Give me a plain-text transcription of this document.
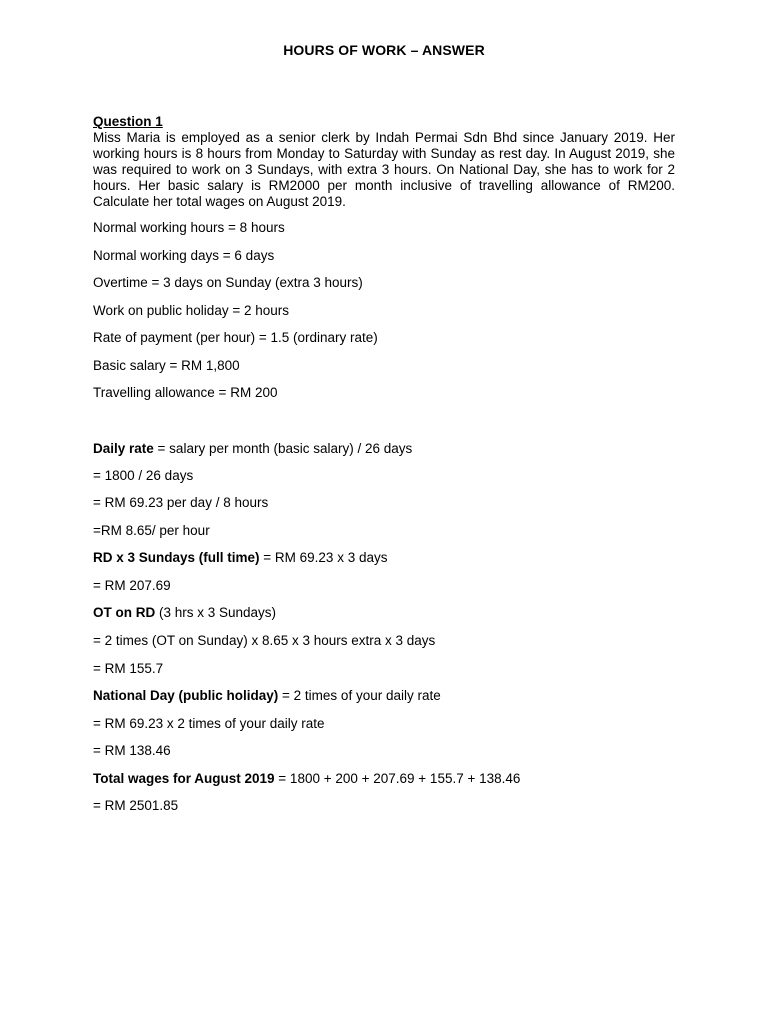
HOURS OF WORK – ANSWER
Question 1
Miss Maria is employed as a senior clerk by Indah Permai Sdn Bhd since January 2019. Her working hours is 8 hours from Monday to Saturday with Sunday as rest day. In August 2019, she was required to work on 3 Sundays, with extra 3 hours. On National Day, she has to work for 2 hours. Her basic salary is RM2000 per month inclusive of travelling allowance of RM200. Calculate her total wages on August 2019.
Normal working hours = 8 hours
Normal working days = 6 days
Overtime = 3 days on Sunday (extra 3 hours)
Work on public holiday = 2 hours
Rate of payment (per hour) = 1.5 (ordinary rate)
Basic salary = RM 1,800
Travelling allowance = RM 200
Daily rate = salary per month (basic salary) / 26 days
= 1800 / 26 days
= RM 69.23 per day / 8 hours
=RM 8.65/ per hour
RD x 3 Sundays (full time) = RM 69.23 x 3 days
= RM 207.69
OT on RD (3 hrs x 3 Sundays)
= 2 times (OT on Sunday) x 8.65 x 3 hours extra x 3 days
= RM 155.7
National Day (public holiday) = 2 times of your daily rate
= RM 69.23 x 2 times of your daily rate
= RM 138.46
Total wages for August 2019 = 1800 + 200 + 207.69 + 155.7 + 138.46
= RM 2501.85
